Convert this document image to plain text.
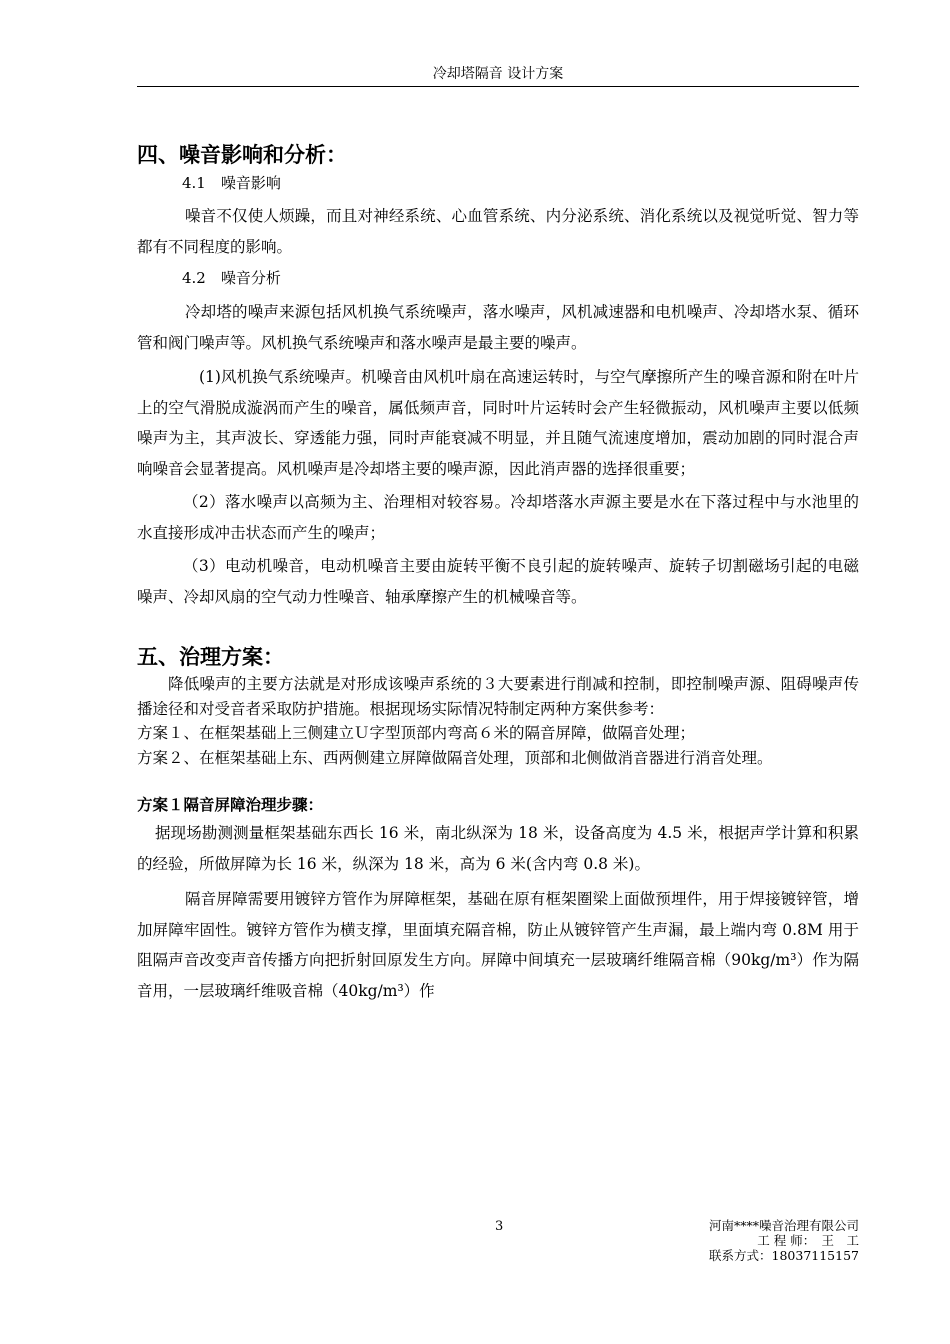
冷却塔隔音 设计方案
四、噪音影响和分析：
4.1　噪音影响

噪音不仅使人烦躁，而且对神经系统、心血管系统、内分泌系统、消化系统以及视觉听觉、智力等都有不同程度的影响。

4.2　噪音分析

冷却塔的噪声来源包括风机换气系统噪声，落水噪声，风机减速器和电机噪声、冷却塔水泵、循环管和阀门噪声等。风机换气系统噪声和落水噪声是最主要的噪声。

(1)风机换气系统噪声。机噪音由风机叶扇在高速运转时，与空气摩擦所产生的噪音源和附在叶片上的空气滑脱成漩涡而产生的噪音，属低频声音，同时叶片运转时会产生轻微振动，风机噪声主要以低频噪声为主，其声波长、穿透能力强，同时声能衰减不明显，并且随气流速度增加，震动加剧的同时混合声响噪音会显著提高。风机噪声是冷却塔主要的噪声源，因此消声器的选择很重要；

（2）落水噪声以高频为主、治理相对较容易。冷却塔落水声源主要是水在下落过程中与水池里的水直接形成冲击状态而产生的噪声；

（3）电动机噪音，电动机噪音主要由旋转平衡不良引起的旋转噪声、旋转子切割磁场引起的电磁噪声、冷却风扇的空气动力性噪音、轴承摩擦产生的机械噪音等。

五、治理方案：

降低噪声的主要方法就是对形成该噪声系统的３大要素进行削减和控制，即控制噪声源、阻碍噪声传播途径和对受音者采取防护措施。根据现场实际情况特制定两种方案供参考：

方案１、在框架基础上三侧建立Ｕ字型顶部内弯高６米的隔音屏障，做隔音处理；

方案２、在框架基础上东、西两侧建立屏障做隔音处理，顶部和北侧做消音器进行消音处理。

方案１隔音屏障治理步骤：

据现场勘测测量框架基础东西长 16 米，南北纵深为 18 米，设备高度为 4.5 米，根据声学计算和积累的经验，所做屏障为长 16 米，纵深为 18 米，高为 6 米(含内弯 0.8 米)。

隔音屏障需要用镀锌方管作为屏障框架，基础在原有框架圈梁上面做预埋件，用于焊接镀锌管，增加屏障牢固性。镀锌方管作为横支撑，里面填充隔音棉，防止从镀锌管产生声漏，最上端内弯 0.8M 用于阻隔声音改变声音传播方向把折射回原发生方向。屏障中间填充一层玻璃纤维隔音棉（90kg/m³）作为隔音用，一层玻璃纤维吸音棉（40kg/m³）作

3	河南****噪音治理有限公司
工 程 师：　王　工
联系方式：18037115157
